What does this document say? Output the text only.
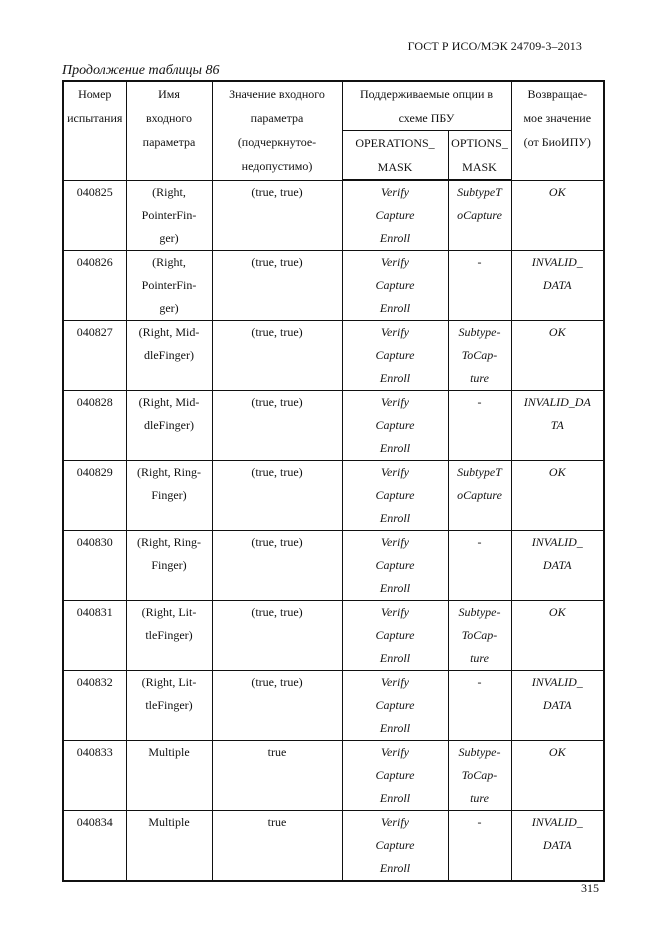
ГОСТ Р ИСО/МЭК 24709-3–2013
Продолжение таблицы 86
Номер
испытания	Имя
входного
параметра	Значение входного
параметра
(подчеркнутое-
недопустимо)	Поддерживаемые опции в
схеме ПБУ		Возвращае-
мое значение
(от БиоИПУ)

			OPERATIONS_
MASK	OPTIONS_
MASK	

040825	(Right,
PointerFin-
ger)	(true, true)	Verify
Capture
Enroll	SubtypeT
oCapture	OK

040826	(Right,
PointerFin-
ger)	(true, true)	Verify
Capture
Enroll	-	INVALID_
DATA

040827	(Right, Mid-
dleFinger)	(true, true)	Verify
Capture
Enroll	Subtype-
ToCap-
ture	OK

040828	(Right, Mid-
dleFinger)	(true, true)	Verify
Capture
Enroll	-	INVALID_DA
TA

040829	(Right, Ring-
Finger)	(true, true)	Verify
Capture
Enroll	SubtypeT
oCapture	OK

040830	(Right, Ring-
Finger)	(true, true)	Verify
Capture
Enroll	-	INVALID_
DATA

040831	(Right, Lit-
tleFinger)	(true, true)	Verify
Capture
Enroll	Subtype-
ToCap-
ture	OK

040832	(Right, Lit-
tleFinger)	(true, true)	Verify
Capture
Enroll	-	INVALID_
DATA

040833	Multiple	true	Verify
Capture
Enroll	Subtype-
ToCap-
ture	OK

040834	Multiple	true	Verify
Capture
Enroll	-	INVALID_
DATA
315
